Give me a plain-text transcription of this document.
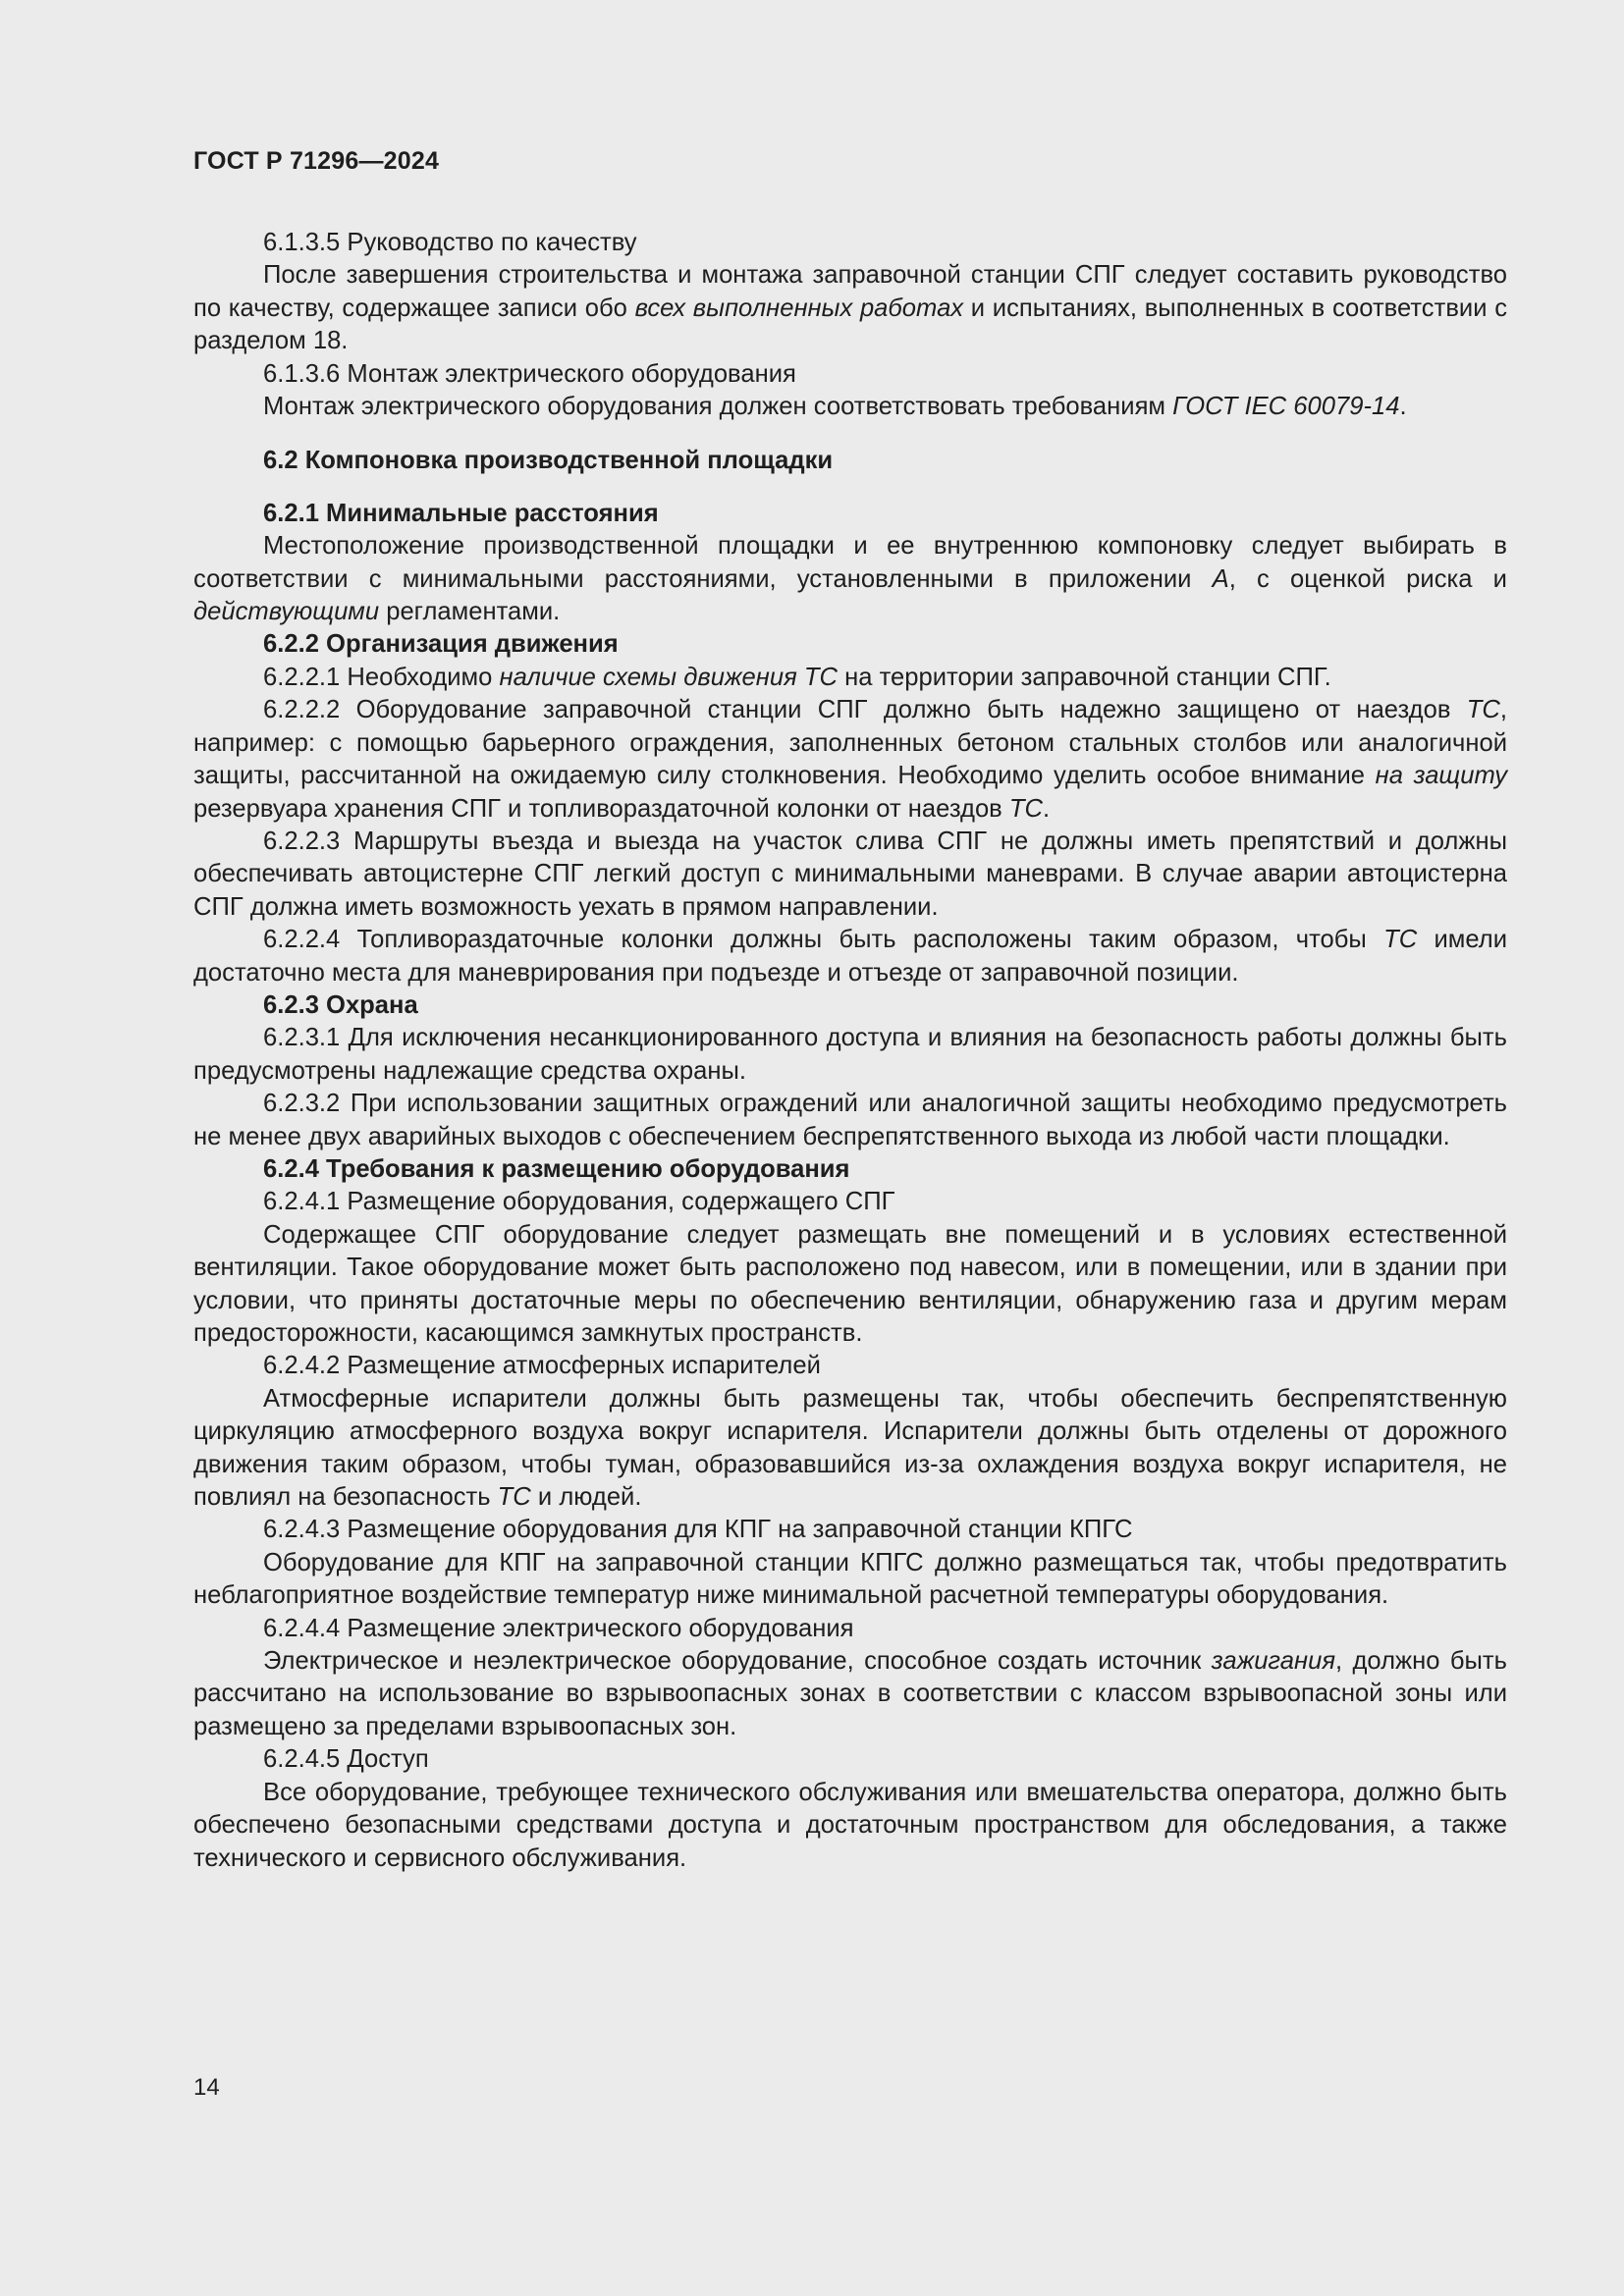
ГОСТ Р 71296—2024

6.1.3.5 Руководство по качеству

После завершения строительства и монтажа заправочной станции СПГ следует составить руководство по качеству, содержащее записи обо всех выполненных работах и испытаниях, выполненных в соответствии с разделом 18.

6.1.3.6 Монтаж электрического оборудования

Монтаж электрического оборудования должен соответствовать требованиям ГОСТ IEC 60079-14.

6.2 Компоновка производственной площадки

6.2.1 Минимальные расстояния

Местоположение производственной площадки и ее внутреннюю компоновку следует выбирать в соответствии с минимальными расстояниями, установленными в приложении А, с оценкой риска и действующими регламентами.

6.2.2 Организация движения

6.2.2.1 Необходимо наличие схемы движения ТС на территории заправочной станции СПГ.

6.2.2.2 Оборудование заправочной станции СПГ должно быть надежно защищено от наездов ТС, например: с помощью барьерного ограждения, заполненных бетоном стальных столбов или аналогичной защиты, рассчитанной на ожидаемую силу столкновения. Необходимо уделить особое внимание на защиту резервуара хранения СПГ и топливораздаточной колонки от наездов ТС.

6.2.2.3 Маршруты въезда и выезда на участок слива СПГ не должны иметь препятствий и должны обеспечивать автоцистерне СПГ легкий доступ с минимальными маневрами. В случае аварии автоцистерна СПГ должна иметь возможность уехать в прямом направлении.

6.2.2.4 Топливораздаточные колонки должны быть расположены таким образом, чтобы ТС имели достаточно места для маневрирования при подъезде и отъезде от заправочной позиции.

6.2.3 Охрана

6.2.3.1 Для исключения несанкционированного доступа и влияния на безопасность работы должны быть предусмотрены надлежащие средства охраны.

6.2.3.2 При использовании защитных ограждений или аналогичной защиты необходимо предусмотреть не менее двух аварийных выходов с обеспечением беспрепятственного выхода из любой части площадки.

6.2.4 Требования к размещению оборудования

6.2.4.1 Размещение оборудования, содержащего СПГ

Содержащее СПГ оборудование следует размещать вне помещений и в условиях естественной вентиляции. Такое оборудование может быть расположено под навесом, или в помещении, или в здании при условии, что приняты достаточные меры по обеспечению вентиляции, обнаружению газа и другим мерам предосторожности, касающимся замкнутых пространств.

6.2.4.2 Размещение атмосферных испарителей

Атмосферные испарители должны быть размещены так, чтобы обеспечить беспрепятственную циркуляцию атмосферного воздуха вокруг испарителя. Испарители должны быть отделены от дорожного движения таким образом, чтобы туман, образовавшийся из-за охлаждения воздуха вокруг испарителя, не повлиял на безопасность ТС и людей.

6.2.4.3 Размещение оборудования для КПГ на заправочной станции КПГС

Оборудование для КПГ на заправочной станции КПГС должно размещаться так, чтобы предотвратить неблагоприятное воздействие температур ниже минимальной расчетной температуры оборудования.

6.2.4.4 Размещение электрического оборудования

Электрическое и неэлектрическое оборудование, способное создать источник зажигания, должно быть рассчитано на использование во взрывоопасных зонах в соответствии с классом взрывоопасной зоны или размещено за пределами взрывоопасных зон.

6.2.4.5 Доступ

Все оборудование, требующее технического обслуживания или вмешательства оператора, должно быть обеспечено безопасными средствами доступа и достаточным пространством для обследования, а также технического и сервисного обслуживания.

14
